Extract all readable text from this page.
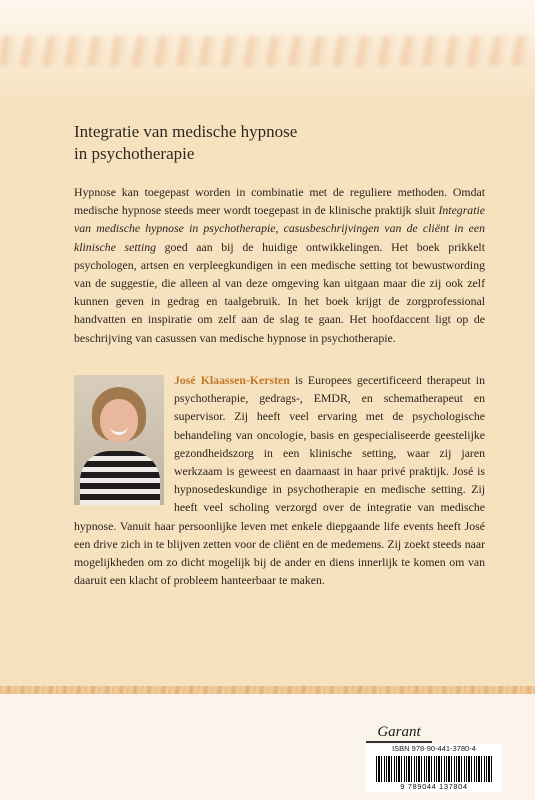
Integratie van medische hypnose
in psychotherapie

Hypnose kan toegepast worden in combinatie met de reguliere methoden. Omdat medische hypnose steeds meer wordt toegepast in de klinische praktijk sluit Integratie van medische hypnose in psychotherapie, casusbeschrijvingen van de cliënt in een klinische setting goed aan bij de huidige ontwikkelingen. Het boek prikkelt psychologen, artsen en verpleegkundigen in een medische setting tot bewustwording van de suggestie, die alleen al van deze omgeving kan uitgaan maar die zij ook zelf kunnen geven in gedrag en taalgebruik. In het boek krijgt de zorgprofessional handvatten en inspiratie om zelf aan de slag te gaan. Het hoofdaccent ligt op de beschrijving van casussen van medische hypnose in psychotherapie.

José Klaassen-Kersten is Europees gecertificeerd therapeut in psychotherapie, gedrags-, EMDR, en schematherapeut en supervisor. Zij heeft veel ervaring met de psychologische behandeling van oncologie, basis en gespecialiseerde geestelijke gezondheidszorg in een klinische setting, waar zij jaren werkzaam is geweest en daarnaast in haar privé praktijk. José is hypnosedeskundige in psychotherapie en medische setting. Zij heeft veel scholing verzorgd over de integratie van medische hypnose. Vanuit haar persoonlijke leven met enkele diepgaande life events heeft José een drive zich in te blijven zetten voor de cliënt en de medemens. Zij zoekt steeds naar mogelijkheden om zo dicht mogelijk bij de ander en diens innerlijk te komen om van daaruit een klacht of probleem hanteerbaar te maken.
Garant
ISBN 978-90-441-3780-4
9 789044 137804
